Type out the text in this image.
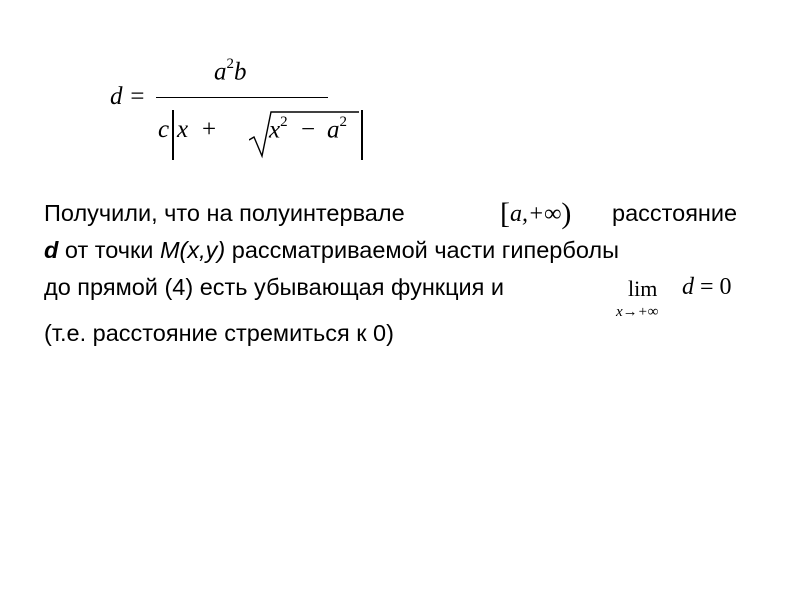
d =
$a^2b$
c $x + x^2 - a^2$
Получили, что на полуинтервале	[a,+∞) расстояние
d от точки M(x,y) рассматриваемой части гиперболы
до прямой (4) есть убывающая функция и	lim
x→+∞
d = 0
(т.е. расстояние стремиться к 0)
